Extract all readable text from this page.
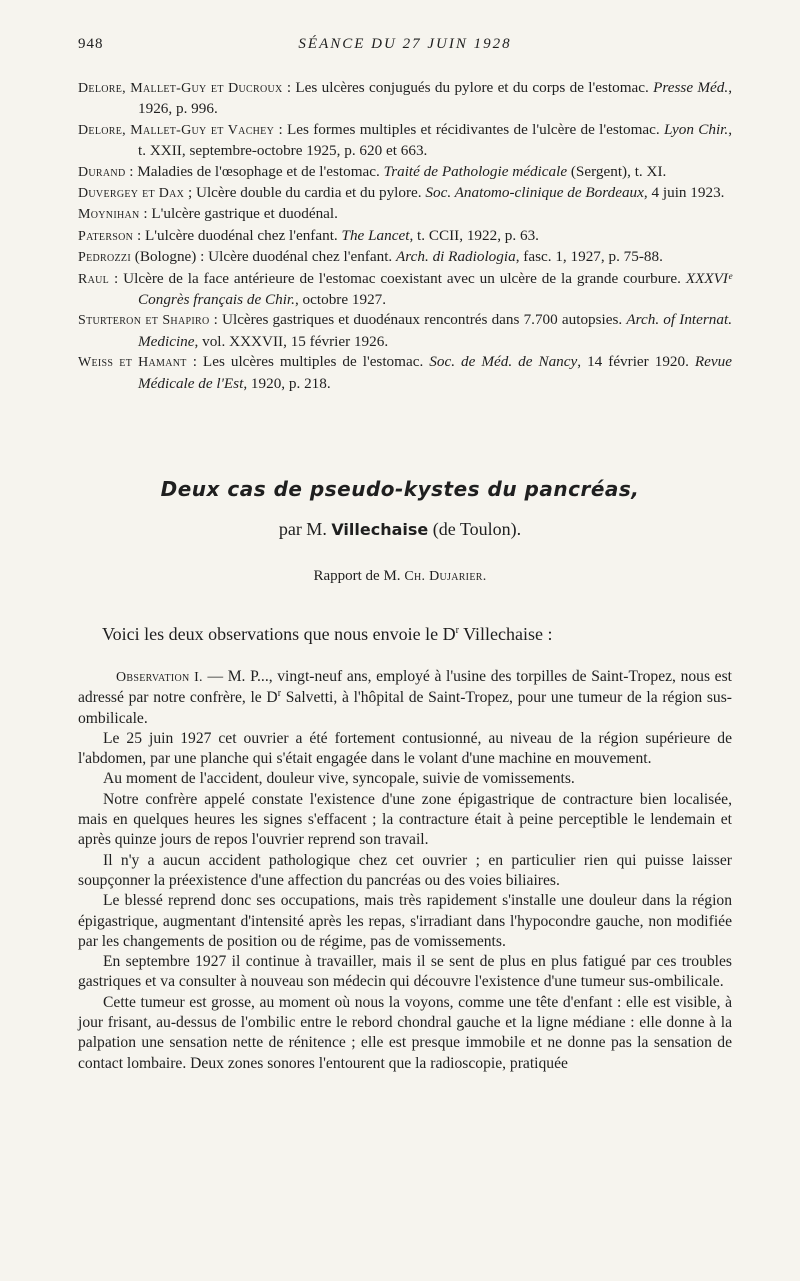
948	SÉANCE DU 27 JUIN 1928

Delore, Mallet-Guy et Ducroux : Les ulcères conjugués du pylore et du corps de l'estomac. Presse Méd., 1926, p. 996.

Delore, Mallet-Guy et Vachey : Les formes multiples et récidivantes de l'ulcère de l'estomac. Lyon Chir., t. XXII, septembre-octobre 1925, p. 620 et 663.

Durand : Maladies de l'œsophage et de l'estomac. Traité de Pathologie médicale (Sergent), t. XI.

Duvergey et Dax ; Ulcère double du cardia et du pylore. Soc. Anatomo-clinique de Bordeaux, 4 juin 1923.

Moynihan : L'ulcère gastrique et duodénal.

Paterson : L'ulcère duodénal chez l'enfant. The Lancet, t. CCII, 1922, p. 63.

Pedrozzi (Bologne) : Ulcère duodénal chez l'enfant. Arch. di Radiologia, fasc. 1, 1927, p. 75-88.

Raul : Ulcère de la face antérieure de l'estomac coexistant avec un ulcère de la grande courbure. XXXVIᵉ Congrès français de Chir., octobre 1927.

Sturteron et Shapiro : Ulcères gastriques et duodénaux rencontrés dans 7.700 autopsies. Arch. of Internat. Medicine, vol. XXXVII, 15 février 1926.

Weiss et Hamant : Les ulcères multiples de l'estomac. Soc. de Méd. de Nancy, 14 février 1920. Revue Médicale de l'Est, 1920, p. 218.

Deux cas de pseudo-kystes du pancréas,
par M. Villechaise (de Toulon).
Rapport de M. Ch. Dujarier.
Voici les deux observations que nous envoie le $D^r$ Villechaise :

Observation I. — M. P..., vingt-neuf ans, employé à l'usine des torpilles de Saint-Tropez, nous est adressé par notre confrère, le $D^r$ Salvetti, à l'hôpital de Saint-Tropez, pour une tumeur de la région sus-ombilicale.

Le 25 juin 1927 cet ouvrier a été fortement contusionné, au niveau de la région supérieure de l'abdomen, par une planche qui s'était engagée dans le volant d'une machine en mouvement.

Au moment de l'accident, douleur vive, syncopale, suivie de vomissements.

Notre confrère appelé constate l'existence d'une zone épigastrique de contracture bien localisée, mais en quelques heures les signes s'effacent ; la contracture était à peine perceptible le lendemain et après quinze jours de repos l'ouvrier reprend son travail.

Il n'y a aucun accident pathologique chez cet ouvrier ; en particulier rien qui puisse laisser soupçonner la préexistence d'une affection du pancréas ou des voies biliaires.

Le blessé reprend donc ses occupations, mais très rapidement s'installe une douleur dans la région épigastrique, augmentant d'intensité après les repas, s'irradiant dans l'hypocondre gauche, non modifiée par les changements de position ou de régime, pas de vomissements.

En septembre 1927 il continue à travailler, mais il se sent de plus en plus fatigué par ces troubles gastriques et va consulter à nouveau son médecin qui découvre l'existence d'une tumeur sus-ombilicale.

Cette tumeur est grosse, au moment où nous la voyons, comme une tête d'enfant : elle est visible, à jour frisant, au-dessus de l'ombilic entre le rebord chondral gauche et la ligne médiane : elle donne à la palpation une sensation nette de rénitence ; elle est presque immobile et ne donne pas la sensation de contact lombaire. Deux zones sonores l'entourent que la radioscopie, pratiquée
